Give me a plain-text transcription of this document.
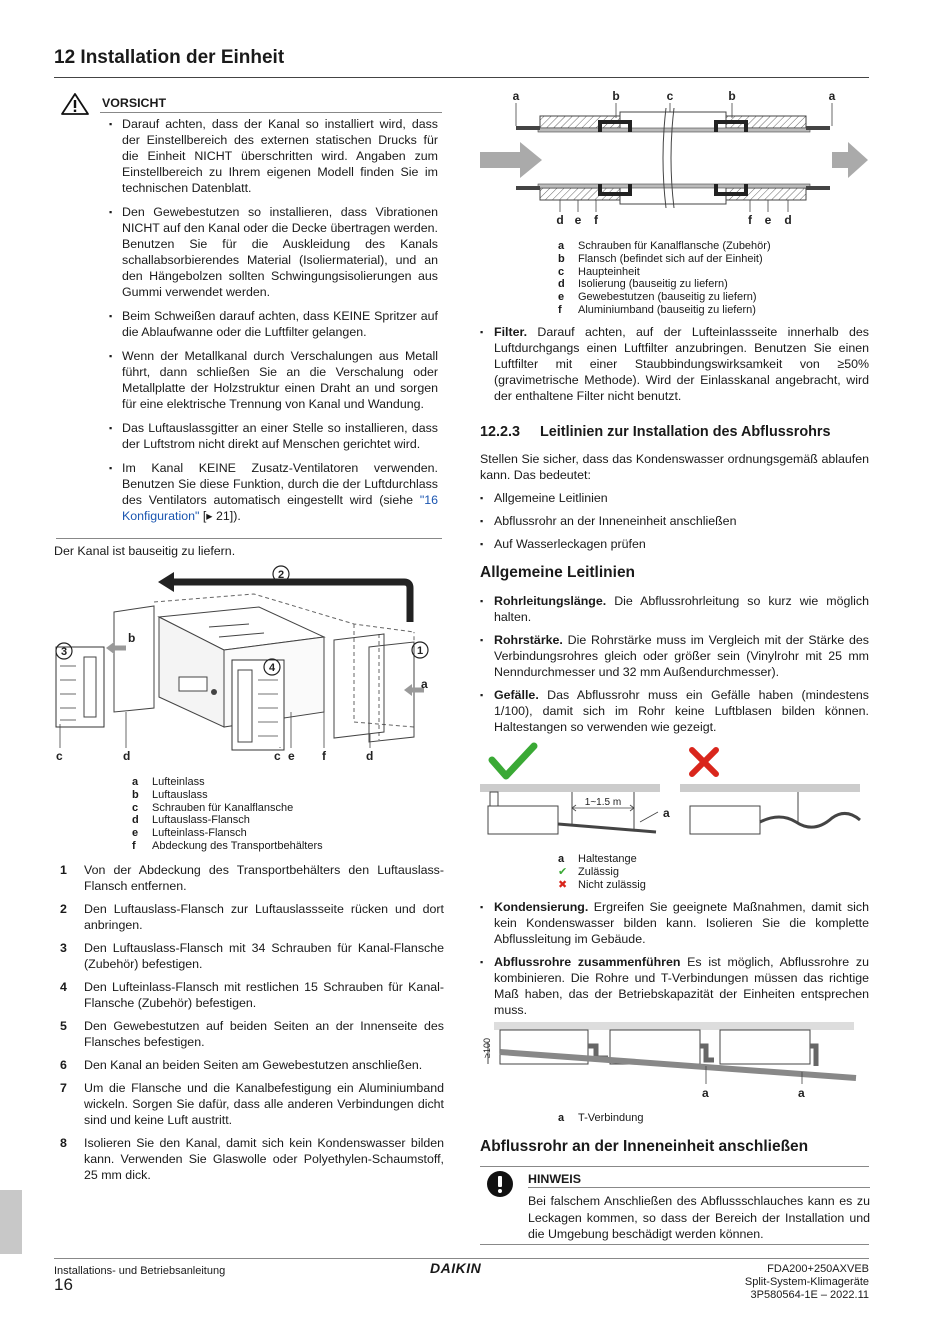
12 Installation der Einheit
VORSICHT
▪ Darauf achten, dass der Kanal so installiert wird, dass der Einstellbereich des externen statischen Drucks für die Einheit NICHT überschritten wird. Angaben zum Einstellbereich zu Ihrem eigenen Modell finden Sie im technischen Datenblatt.
▪ Den Gewebestutzen so installieren, dass Vibrationen NICHT auf den Kanal oder die Decke übertragen werden. Benutzen Sie für die Auskleidung des Kanals schallabsorbierendes Material (Isoliermaterial), und an den Hängebolzen sollten Schwingungsisolierungen aus Gummi verwendet werden.
▪ Beim Schweißen darauf achten, dass KEINE Spritzer auf die Ablaufwanne oder die Luftfilter gelangen.
▪ Wenn der Metallkanal durch Verschalungen aus Metall führt, dann schließen Sie an die Verschalung oder Metallplatte der Holzstruktur einen Draht an und sorgen für eine elektrische Trennung von Kanal und Wandung.
▪ Das Luftauslassgitter an einer Stelle so installieren, dass der Luftstrom nicht direkt auf Menschen gerichtet wird.
▪ Im Kanal KEINE Zusatz-Ventilatoren verwenden. Benutzen Sie diese Funktion, durch die der Luftdurchlass des Ventilators automatisch eingestellt wird (siehe "16 Konfiguration" [▸ 21]).
Der Kanal ist bauseitig zu liefern.
1
2
3
4
b
a
c	d	c e f	d
a Lufteinlass
b Luftauslass
c Schrauben für Kanalflansche
d Luftauslass-Flansch
e Lufteinlass-Flansch
f Abdeckung des Transportbehälters
1 Von der Abdeckung des Transportbehälters den Luftauslass-Flansch entfernen.
2 Den Luftauslass-Flansch zur Luftauslassseite rücken und dort anbringen.
3 Den Luftauslass-Flansch mit 34 Schrauben für Kanal-Flansche (Zubehör) befestigen.
4 Den Lufteinlass-Flansch mit restlichen 15 Schrauben für Kanal-Flansche (Zubehör) befestigen.
5 Den Gewebestutzen auf beiden Seiten an der Innenseite des Flansches befestigen.
6 Den Kanal an beiden Seiten am Gewebestutzen anschließen.
7 Um die Flansche und die Kanalbefestigung ein Aluminiumband wickeln. Sorgen Sie dafür, dass alle anderen Verbindungen dicht sind und keine Luft austritt.
8 Isolieren Sie den Kanal, damit sich kein Kondenswasser bilden kann. Verwenden Sie Glaswolle oder Polyethylen-Schaumstoff, 25 mm dick.
a	b	c	b	a
d e f	f e d
a Schrauben für Kanalflansche (Zubehör)
b Flansch (befindet sich auf der Einheit)
c Haupteinheit
d Isolierung (bauseitig zu liefern)
e Gewebestutzen (bauseitig zu liefern)
f Aluminiumband (bauseitig zu liefern)
▪ Filter. Darauf achten, auf der Lufteinlassseite innerhalb des Luftdurchgangs einen Luftfilter anzubringen. Benutzen Sie einen Luftfilter mit einer Staubbindungswirksamkeit von ≥50% (gravimetrische Methode). Wird der Einlasskanal angebracht, wird der enthaltene Filter nicht benutzt.
12.2.3 Leitlinien zur Installation des Abflussrohrs
Stellen Sie sicher, dass das Kondenswasser ordnungsgemäß ablaufen kann. Das bedeutet:
▪ Allgemeine Leitlinien
▪ Abflussrohr an der Inneneinheit anschließen
▪ Auf Wasserleckagen prüfen
Allgemeine Leitlinien
▪ Rohrleitungslänge. Die Abflussrohrleitung so kurz wie möglich halten.
▪ Rohrstärke. Die Rohrstärke muss im Vergleich mit der Stärke des Verbindungsrohres gleich oder größer sein (Vinylrohr mit 25 mm Nenndurchmesser und 32 mm Außendurchmesser).
▪ Gefälle. Das Abflussrohr muss ein Gefälle haben (mindestens 1/100), damit sich im Rohr keine Luftblasen bilden können. Haltestangen so verwenden wie gezeigt.
1~1.5 m
a
a Haltestange
✔ Zulässig
✖ Nicht zulässig
▪ Kondensierung. Ergreifen Sie geeignete Maßnahmen, damit sich kein Kondenswasser bilden kann. Isolieren Sie die komplette Abflussleitung im Gebäude.
▪ Abflussrohre zusammenführen Es ist möglich, Abflussrohre zu kombinieren. Die Rohre und T-Verbindungen müssen das richtige Maß haben, das der Betriebskapazität der Einheiten entsprechen muss.
≥100
a	a
a T-Verbindung
Abflussrohr an der Inneneinheit anschließen
HINWEIS
Bei falschem Anschließen des Abflussschlauches kann es zu Leckagen kommen, so dass der Bereich der Installation und die Umgebung beschädigt werden können.
Installations- und Betriebsanleitung
16
DAIKIN	FDA200+250AXVEB
Split-System-Klimageräte
3P580564-1E – 2022.11
